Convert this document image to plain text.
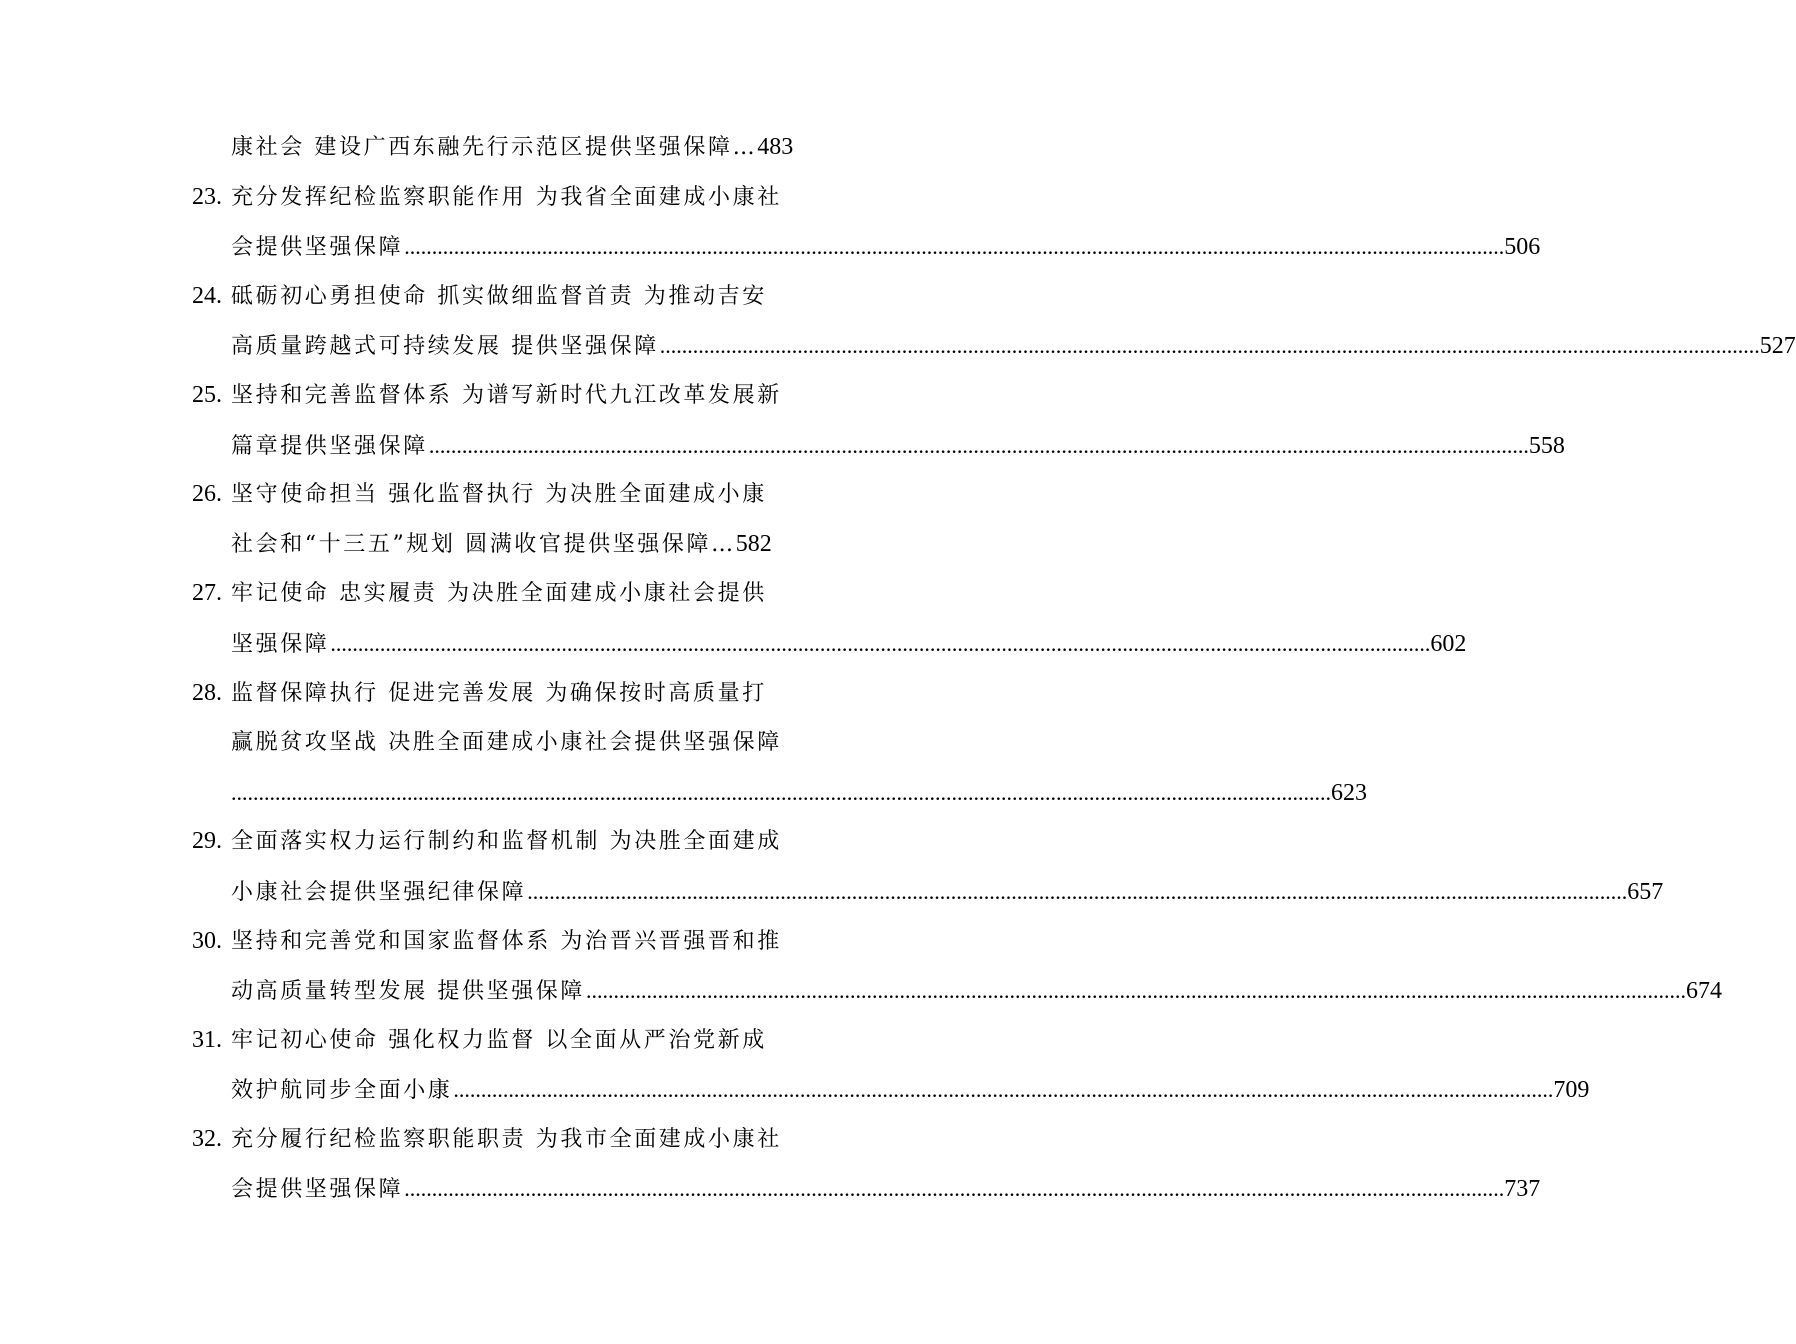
康社会 建设广西东融先行示范区提供坚强保障… 483
23. 充分发挥纪检监察职能作用 为我省全面建成小康社
会提供坚强保障 ........................................................................................................................................................................................................ 506
24. 砥砺初心勇担使命 抓实做细监督首责 为推动吉安
高质量跨越式可持续发展 提供坚强保障 ........................................................................................................................................................................................................ 527
25. 坚持和完善监督体系 为谱写新时代九江改革发展新
篇章提供坚强保障 ........................................................................................................................................................................................................ 558
26. 坚守使命担当 强化监督执行 为决胜全面建成小康
社会和“十三五”规划 圆满收官提供坚强保障… 582
27. 牢记使命 忠实履责 为决胜全面建成小康社会提供
坚强保障 ........................................................................................................................................................................................................ 602
28. 监督保障执行 促进完善发展 为确保按时高质量打
赢脱贫攻坚战 决胜全面建成小康社会提供坚强保障
........................................................................................................................................................................................................ 623
29. 全面落实权力运行制约和监督机制 为决胜全面建成
小康社会提供坚强纪律保障 ........................................................................................................................................................................................................ 657
30. 坚持和完善党和国家监督体系 为治晋兴晋强晋和推
动高质量转型发展 提供坚强保障 ........................................................................................................................................................................................................ 674
31. 牢记初心使命 强化权力监督 以全面从严治党新成
效护航同步全面小康 ........................................................................................................................................................................................................ 709
32. 充分履行纪检监察职能职责 为我市全面建成小康社
会提供坚强保障 ........................................................................................................................................................................................................ 737
